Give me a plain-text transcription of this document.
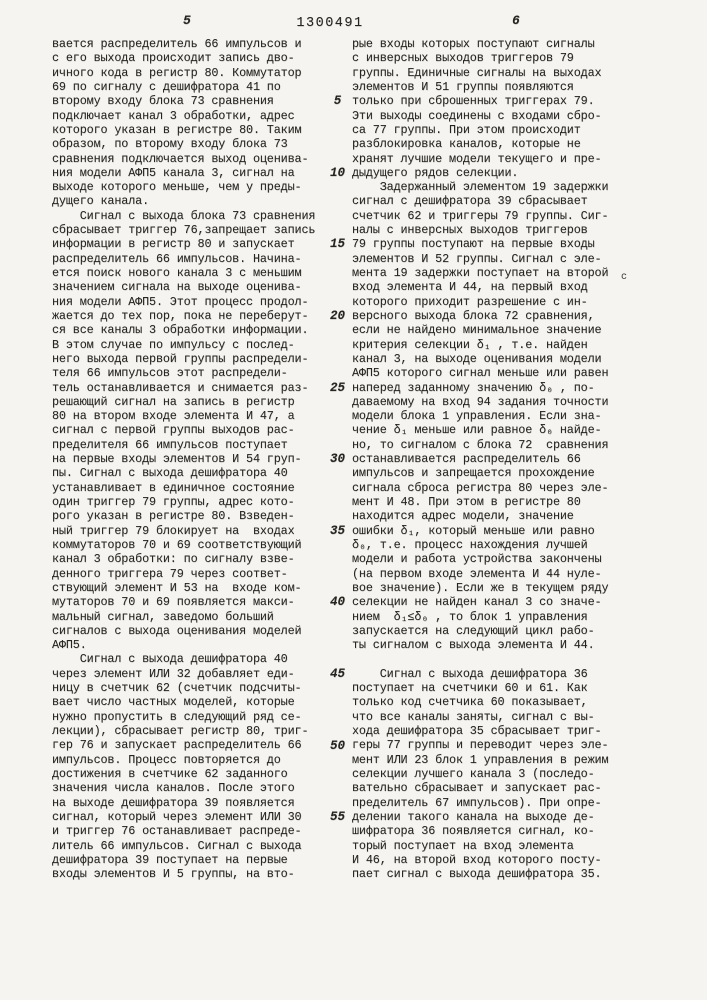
5	1300491	6
вается распределитель 66 импульсов и
с его выхода происходит запись дво-
ичного кода в регистр 80. Коммутатор
69 по сигналу с дешифратора 41 по
второму входу блока 73 сравнения
подключает канал 3 обработки, адрес
которого указан в регистре 80. Таким
образом, по второму входу блока 73
сравнения подключается выход оценива-
ния модели АФП5 канала 3, сигнал на
выходе которого меньше, чем у преды-
дущего канала.
Сигнал с выхода блока 73 сравнения
сбрасывает триггер 76,запрещает запись
информации в регистр 80 и запускает
распределитель 66 импульсов. Начина-
ется поиск нового канала 3 с меньшим
значением сигнала на выходе оценива-
ния модели АФП5. Этот процесс продол-
жается до тех пор, пока не переберут-
ся все каналы 3 обработки информации.
В этом случае по импульсу с послед-
него выхода первой группы распредели-
теля 66 импульсов этот распредели-
тель останавливается и снимается раз-
решающий сигнал на запись в регистр
80 на втором входе элемента И 47, а
сигнал с первой группы выходов рас-
пределителя 66 импульсов поступает
на первые входы элементов И 54 груп-
пы. Сигнал с выхода дешифратора 40
устанавливает в единичное состояние
один триггер 79 группы, адрес кото-
рого указан в регистре 80. Взведен-
ный триггер 79 блокирует на  входах
коммутаторов 70 и 69 соответствующий
канал 3 обработки: по сигналу взве-
денного триггера 79 через соответ-
ствующий элемент И 53 на  входе ком-
мутаторов 70 и 69 появляется макси-
мальный сигнал, заведомо больший
сигналов с выхода оценивания моделей
АФП5.
Сигнал с выхода дешифратора 40
через элемент ИЛИ 32 добавляет еди-
ницу в счетчик 62 (счетчик подсчиты-
вает число частных моделей, которые
нужно пропустить в следующий ряд се-
лекции), сбрасывает регистр 80, триг-
гер 76 и запускает распределитель 66
импульсов. Процесс повторяется до
достижения в счетчике 62 заданного
значения числа каналов. После этого
на выходе дешифратора 39 появляется
сигнал, который через элемент ИЛИ 30
и триггер 76 останавливает распреде-
литель 66 импульсов. Сигнал с выхода
дешифратора 39 поступает на первые
входы элементов И 5 группы, на вто-
5
10
15
20
25
30
35
40
45
50
55
рые входы которых поступают сигналы
с инверсных выходов триггеров 79
группы. Единичные сигналы на выходах
элементов И 51 группы появляются
только при сброшенных триггерах 79.
Эти выходы соединены с входами сбро-
са 77 группы. При этом происходит
разблокировка каналов, которые не
хранят лучшие модели текущего и пре-
дыдущего рядов селекции.
Задержанный элементом 19 задержки
сигнал с дешифратора 39 сбрасывает
счетчик 62 и триггеры 79 группы. Сиг-
налы с инверсных выходов триггеров
79 группы поступают на первые входы
элементов И 52 группы. Сигнал с эле-
мента 19 задержки поступает на второй
вход элемента И 44, на первый вход
которого приходит разрешение с ин-
версного выхода блока 72 сравнения,
если не найдено минимальное значение
критерия селекции δ₁ , т.е. найден
канал 3, на выходе оценивания модели
АФП5 которого сигнал меньше или равен
наперед заданному значению δ₀ , по-
даваемому на вход 94 задания точности
модели блока 1 управления. Если зна-
чение δ₁ меньше или равное δ₀ найде-
но, то сигналом с блока 72  сравнения
останавливается распределитель 66
импульсов и запрещается прохождение
сигнала сброса регистра 80 через эле-
мент И 48. При этом в регистре 80
находится адрес модели, значение
ошибки δ₁, который меньше или равно
δ₀, т.е. процесс нахождения лучшей
модели и работа устройства закончены
(на первом входе элемента И 44 нуле-
вое значение). Если же в текущем ряду
селекции не найден канал 3 со значе-
нием  δ₁≤δ₀ , то блок 1 управления
запускается на следующий цикл рабо-
ты сигналом с выхода элемента И 44.

Сигнал с выхода дешифратора 36
поступает на счетчики 60 и 61. Как
только код счетчика 60 показывает,
что все каналы заняты, сигнал с вы-
хода дешифратора 35 сбрасывает триг-
геры 77 группы и переводит через эле-
мент ИЛИ 23 блок 1 управления в режим
селекции лучшего канала 3 (последо-
вательно сбрасывает и запускает рас-
пределитель 67 импульсов). При опре-
делении такого канала на выходе де-
шифратора 36 появляется сигнал, ко-
торый поступает на вход элемента
И 46, на второй вход которого посту-
пает сигнал с выхода дешифратора 35.
с
